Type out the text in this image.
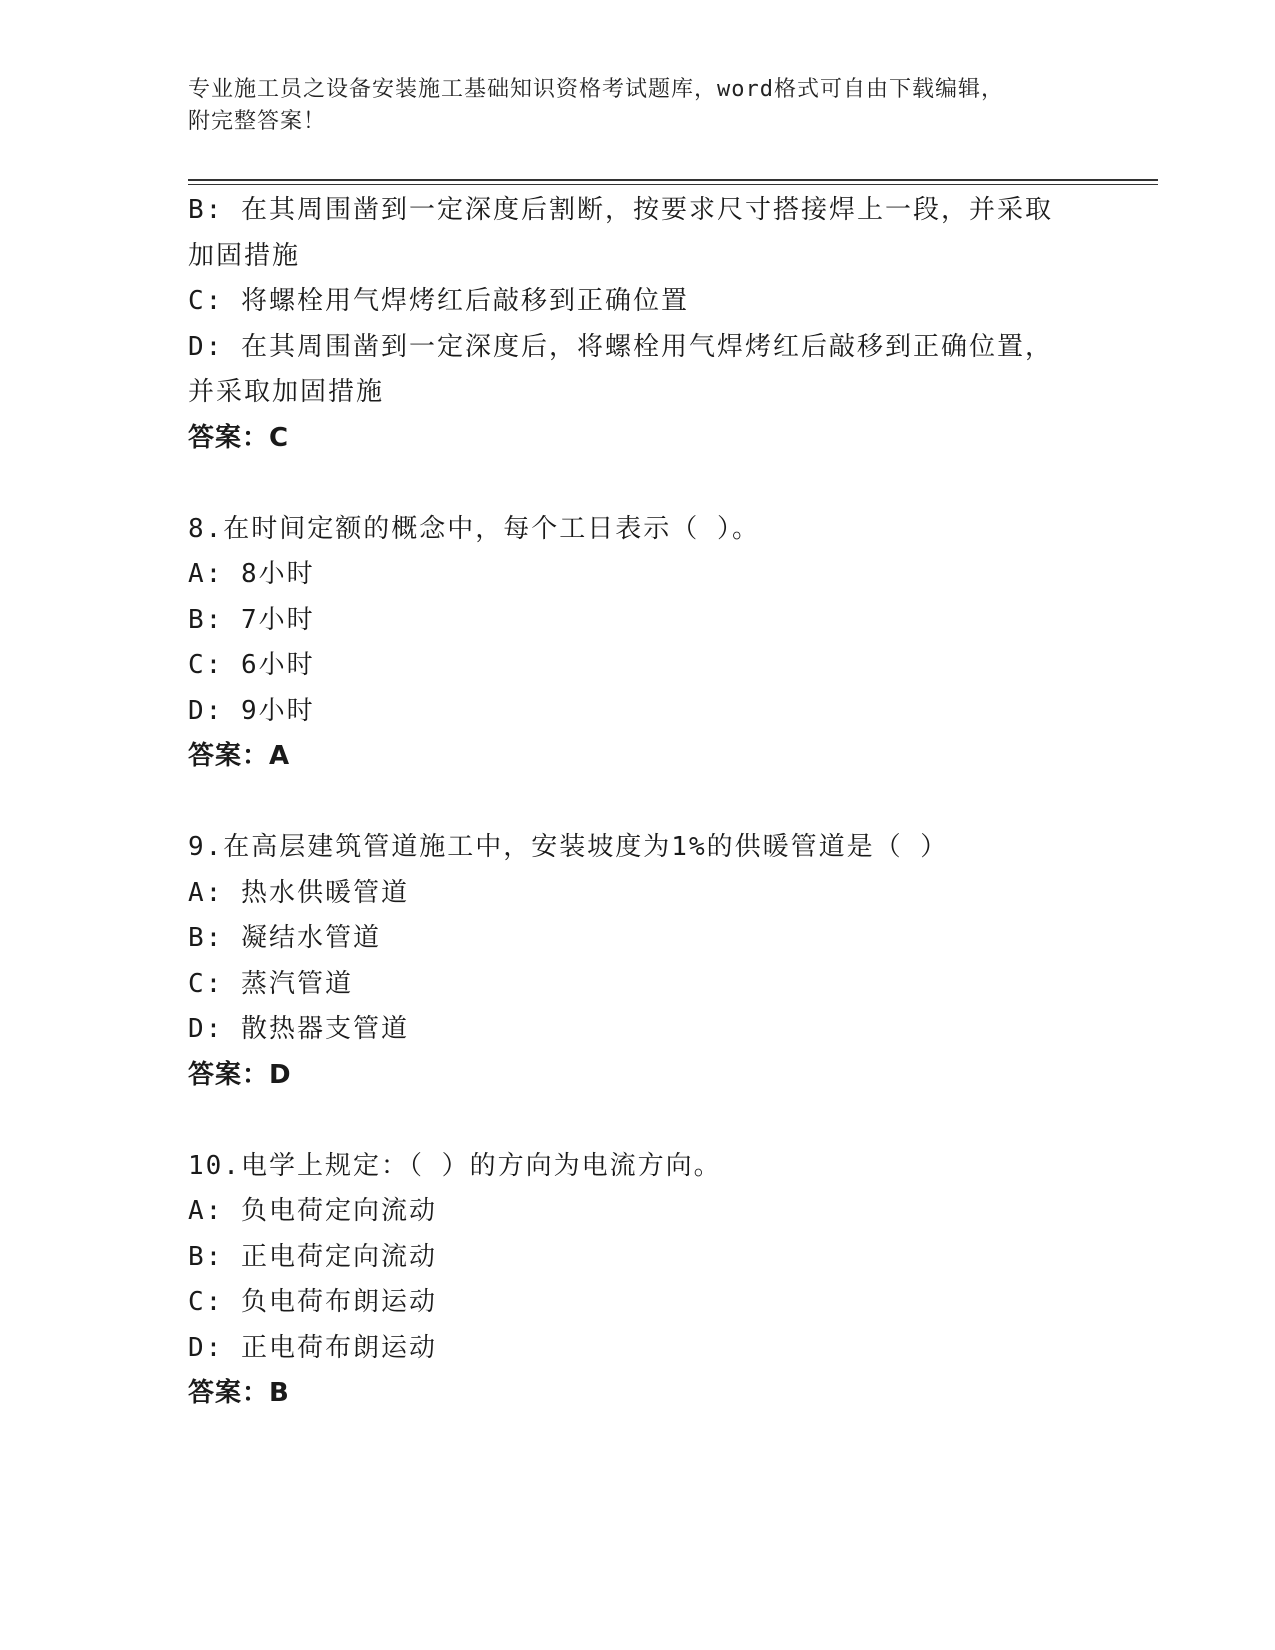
专业施工员之设备安装施工基础知识资格考试题库，word格式可自由下载编辑，
附完整答案！
B: 在其周围凿到一定深度后割断，按要求尺寸搭接焊上一段，并采取
加固措施
C: 将螺栓用气焊烤红后敲移到正确位置
D: 在其周围凿到一定深度后，将螺栓用气焊烤红后敲移到正确位置，
并采取加固措施
答案：C
8.在时间定额的概念中，每个工日表示（ ）。
A: 8小时
B: 7小时
C: 6小时
D: 9小时
答案：A
9.在高层建筑管道施工中，安装坡度为1%的供暖管道是（ ）
A: 热水供暖管道
B: 凝结水管道
C: 蒸汽管道
D: 散热器支管道
答案：D
10.电学上规定：（ ）的方向为电流方向。
A: 负电荷定向流动
B: 正电荷定向流动
C: 负电荷布朗运动
D: 正电荷布朗运动
答案：B
